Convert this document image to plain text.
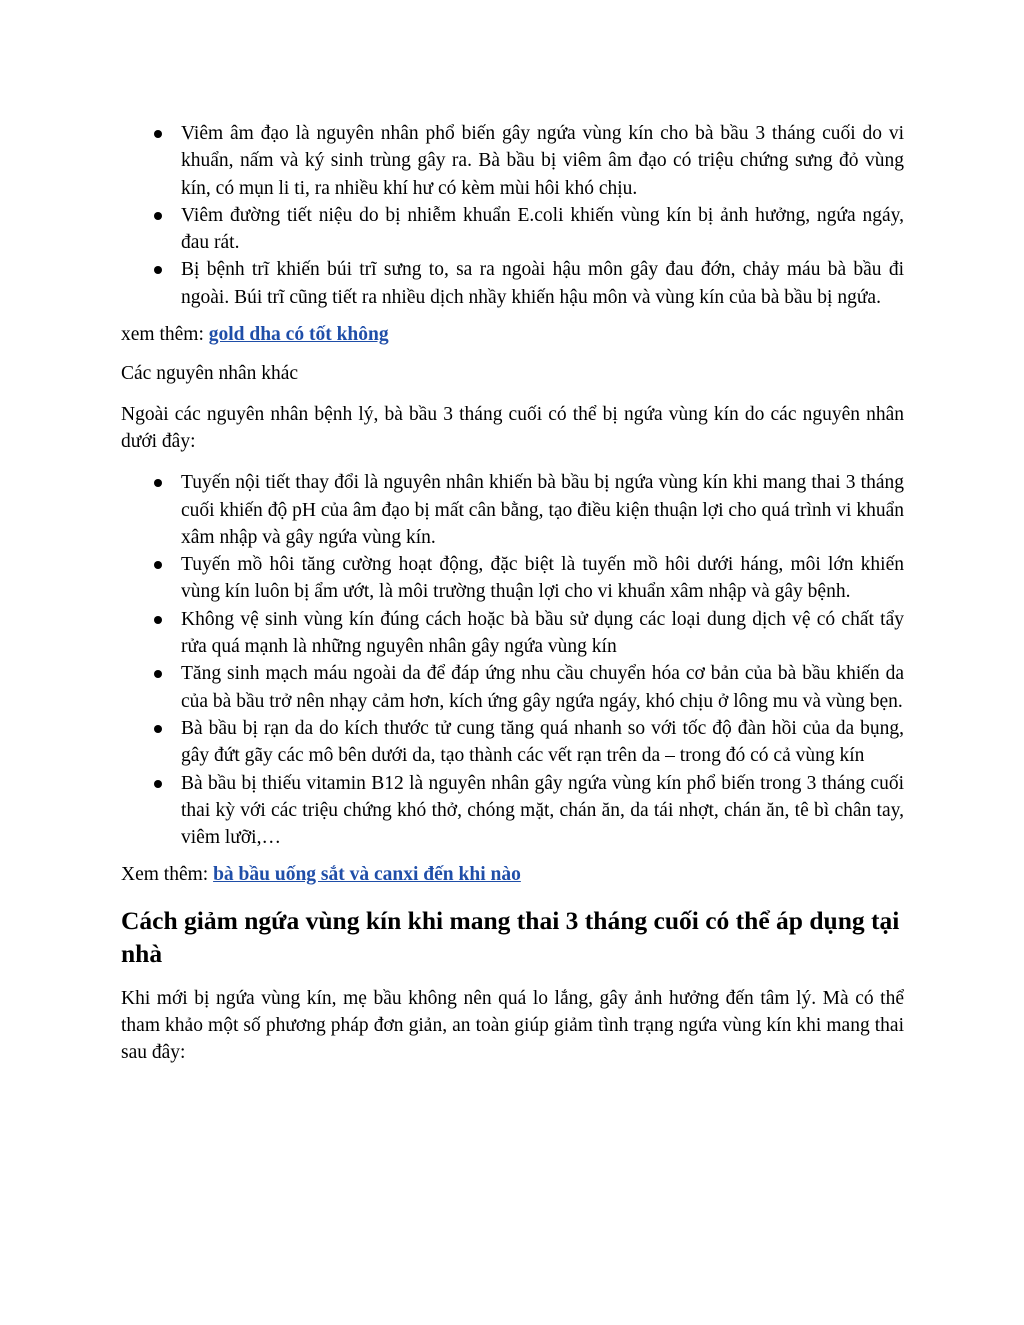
Viêm âm đạo là nguyên nhân phổ biến gây ngứa vùng kín cho bà bầu 3 tháng cuối do vi khuẩn, nấm và ký sinh trùng gây ra. Bà bầu bị viêm âm đạo có triệu chứng sưng đỏ vùng kín, có mụn li ti, ra nhiều khí hư có kèm mùi hôi khó chịu.
Viêm đường tiết niệu do bị nhiễm khuẩn E.coli khiến vùng kín bị ảnh hưởng, ngứa ngáy, đau rát.
Bị bệnh trĩ khiến búi trĩ sưng to, sa ra ngoài hậu môn gây đau đớn, chảy máu bà bầu đi ngoài. Búi trĩ cũng tiết ra nhiều dịch nhầy khiến hậu môn và vùng kín của bà bầu bị ngứa.

xem thêm: gold dha có tốt không

Các nguyên nhân khác

Ngoài các nguyên nhân bệnh lý, bà bầu 3 tháng cuối có thể bị ngứa vùng kín do các nguyên nhân dưới đây:

Tuyến nội tiết thay đổi là nguyên nhân khiến bà bầu bị ngứa vùng kín khi mang thai 3 tháng cuối khiến độ pH của âm đạo bị mất cân bằng, tạo điều kiện thuận lợi cho quá trình vi khuẩn xâm nhập và gây ngứa vùng kín.
Tuyến mồ hôi tăng cường hoạt động, đặc biệt là tuyến mồ hôi dưới háng, môi lớn khiến vùng kín luôn bị ẩm ướt, là môi trường thuận lợi cho vi khuẩn xâm nhập và gây bệnh.
Không vệ sinh vùng kín đúng cách hoặc bà bầu sử dụng các loại dung dịch vệ có chất tẩy rửa quá mạnh là những nguyên nhân gây ngứa vùng kín
Tăng sinh mạch máu ngoài da để đáp ứng nhu cầu chuyển hóa cơ bản của bà bầu khiến da của bà bầu trở nên nhạy cảm hơn, kích ứng gây ngứa ngáy, khó chịu ở lông mu và vùng bẹn.
Bà bầu bị rạn da do kích thước tử cung tăng quá nhanh so với tốc độ đàn hồi của da bụng, gây đứt gãy các mô bên dưới da, tạo thành các vết rạn trên da – trong đó có cả vùng kín
Bà bầu bị thiếu vitamin B12 là nguyên nhân gây ngứa vùng kín phổ biến trong 3 tháng cuối thai kỳ với các triệu chứng khó thở, chóng mặt, chán ăn, da tái nhợt, chán ăn, tê bì chân tay, viêm lưỡi,…

Xem thêm: bà bầu uống sắt và canxi đến khi nào

Cách giảm ngứa vùng kín khi mang thai 3 tháng cuối có thể áp dụng tại nhà

Khi mới bị ngứa vùng kín, mẹ bầu không nên quá lo lắng, gây ảnh hưởng đến tâm lý. Mà có thể tham khảo một số phương pháp đơn giản, an toàn giúp giảm tình trạng ngứa vùng kín khi mang thai sau đây:
